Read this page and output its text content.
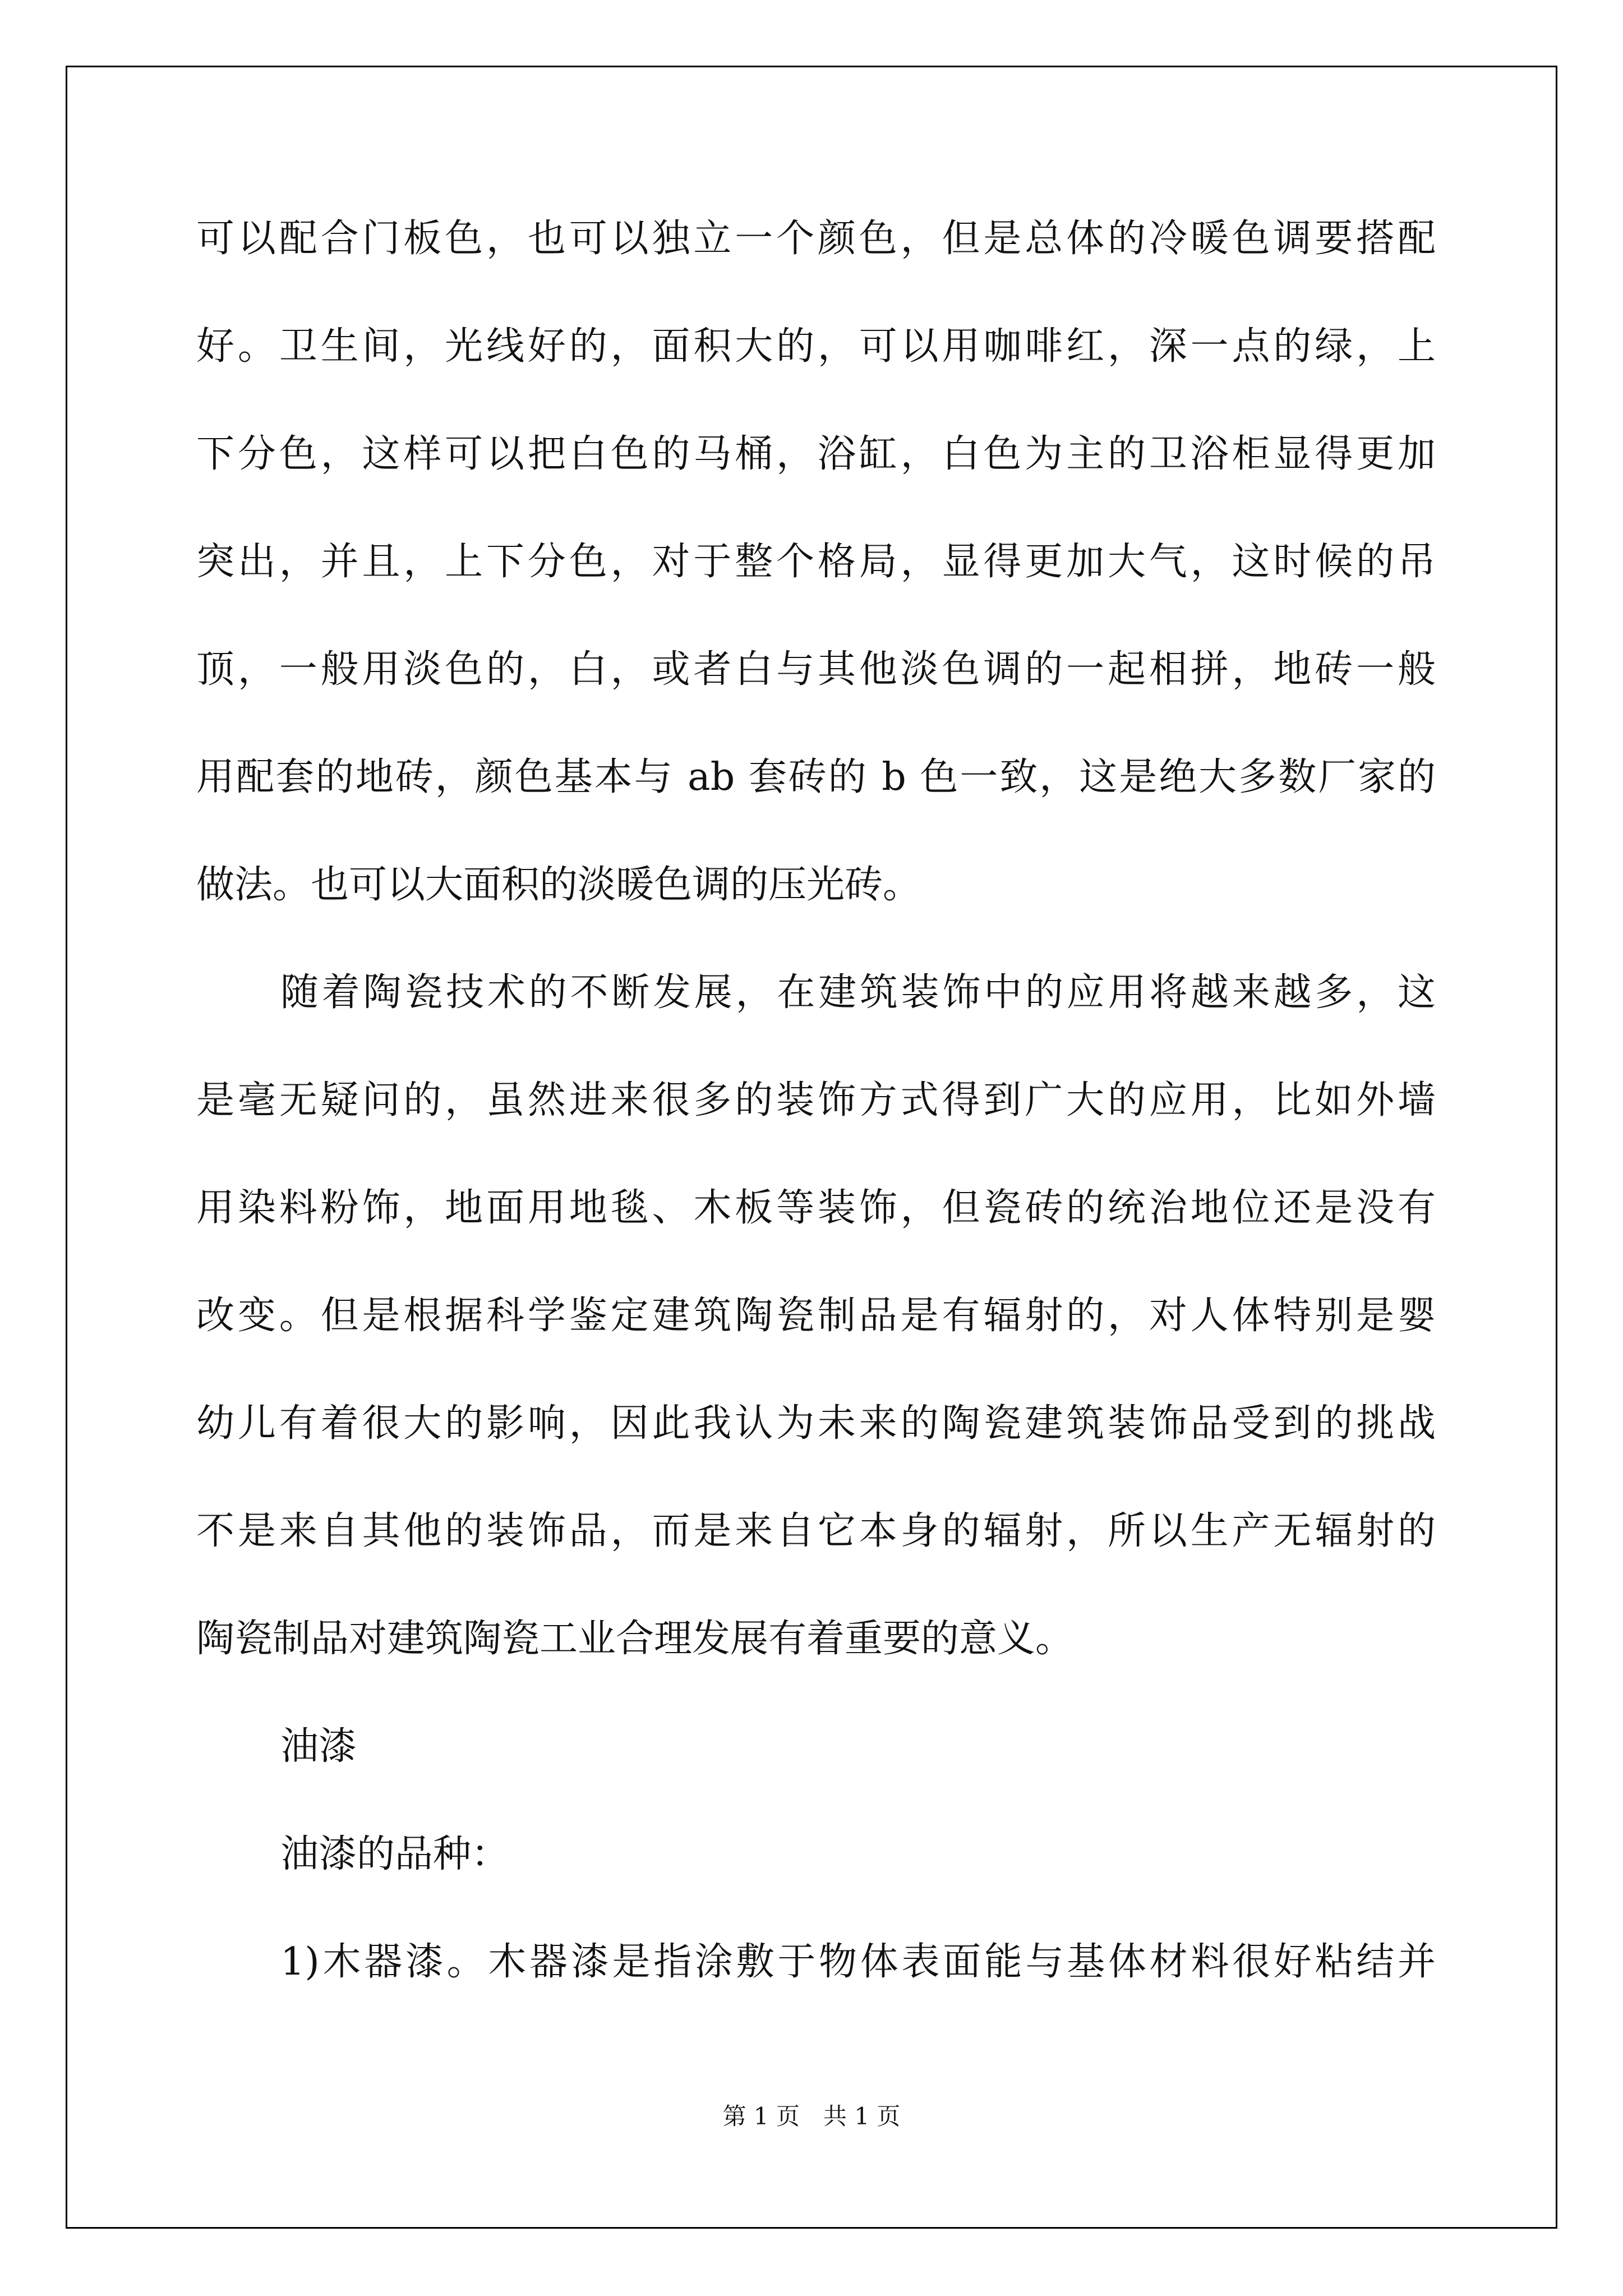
可以配合门板色，也可以独立一个颜色，但是总体的冷暖色调要搭配
好。卫生间，光线好的，面积大的，可以用咖啡红，深一点的绿，上
下分色，这样可以把白色的马桶，浴缸，白色为主的卫浴柜显得更加
突出，并且，上下分色，对于整个格局，显得更加大气，这时候的吊
顶，一般用淡色的，白，或者白与其他淡色调的一起相拼，地砖一般
用配套的地砖，颜色基本与 ab 套砖的 b 色一致，这是绝大多数厂家的
做法。也可以大面积的淡暖色调的压光砖。
随着陶瓷技术的不断发展，在建筑装饰中的应用将越来越多，这
是毫无疑问的，虽然进来很多的装饰方式得到广大的应用，比如外墙
用染料粉饰，地面用地毯、木板等装饰，但瓷砖的统治地位还是没有
改变。但是根据科学鉴定建筑陶瓷制品是有辐射的，对人体特别是婴
幼儿有着很大的影响，因此我认为未来的陶瓷建筑装饰品受到的挑战
不是来自其他的装饰品，而是来自它本身的辐射，所以生产无辐射的
陶瓷制品对建筑陶瓷工业合理发展有着重要的意义。
油漆
油漆的品种：
1)木器漆。木器漆是指涂敷于物体表面能与基体材料很好粘结并
第 1 页　共 1 页
